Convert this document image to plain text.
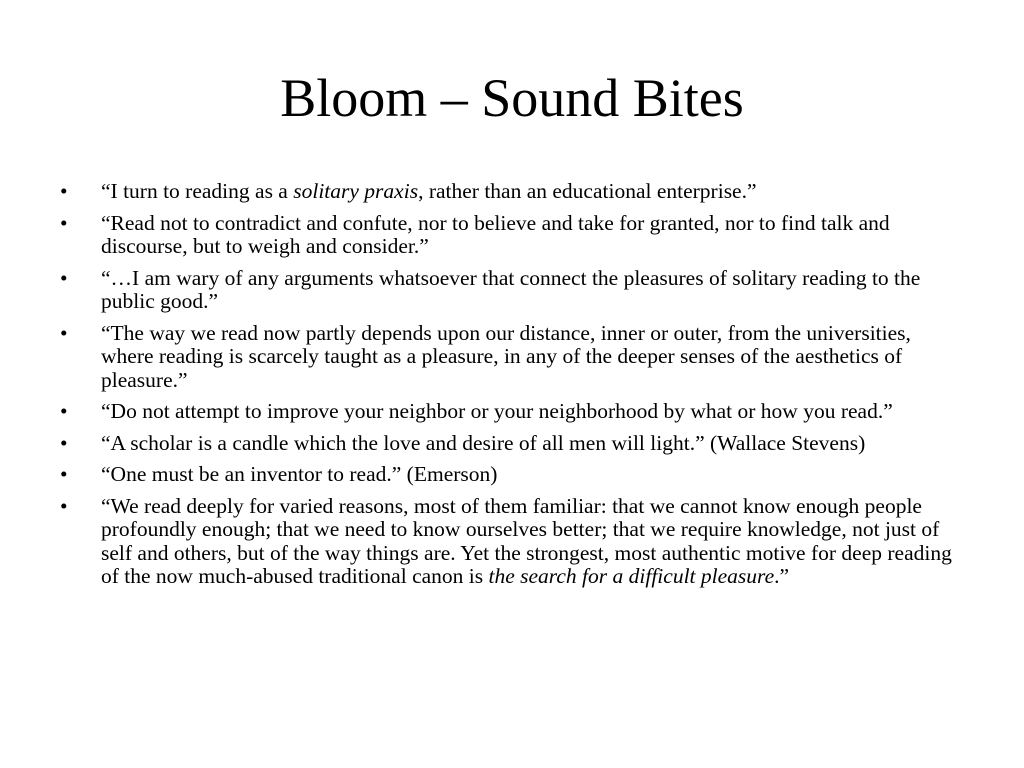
Bloom – Sound Bites
•	“I turn to reading as a solitary praxis, rather than an educational enterprise.”
•	“Read not to contradict and confute, nor to believe and take for granted, nor to find talk and discourse, but to weigh and consider.”
•	“…I am wary of any arguments whatsoever that connect the pleasures of solitary reading to the public good.”
•	“The way we read now partly depends upon our distance, inner or outer, from the universities, where reading is scarcely taught as a pleasure, in any of the deeper senses of the aesthetics of pleasure.”
•	“Do not attempt to improve your neighbor or your neighborhood by what or how you read.”
•	“A scholar is a candle which the love and desire of all men will light.” (Wallace Stevens)
•	“One must be an inventor to read.” (Emerson)
•	“We read deeply for varied reasons, most of them familiar: that we cannot know enough people profoundly enough; that we need to know ourselves better; that we require knowledge, not just of self and others, but of the way things are. Yet the strongest, most authentic motive for deep reading of the now much-abused traditional canon is the search for a difficult pleasure.”
